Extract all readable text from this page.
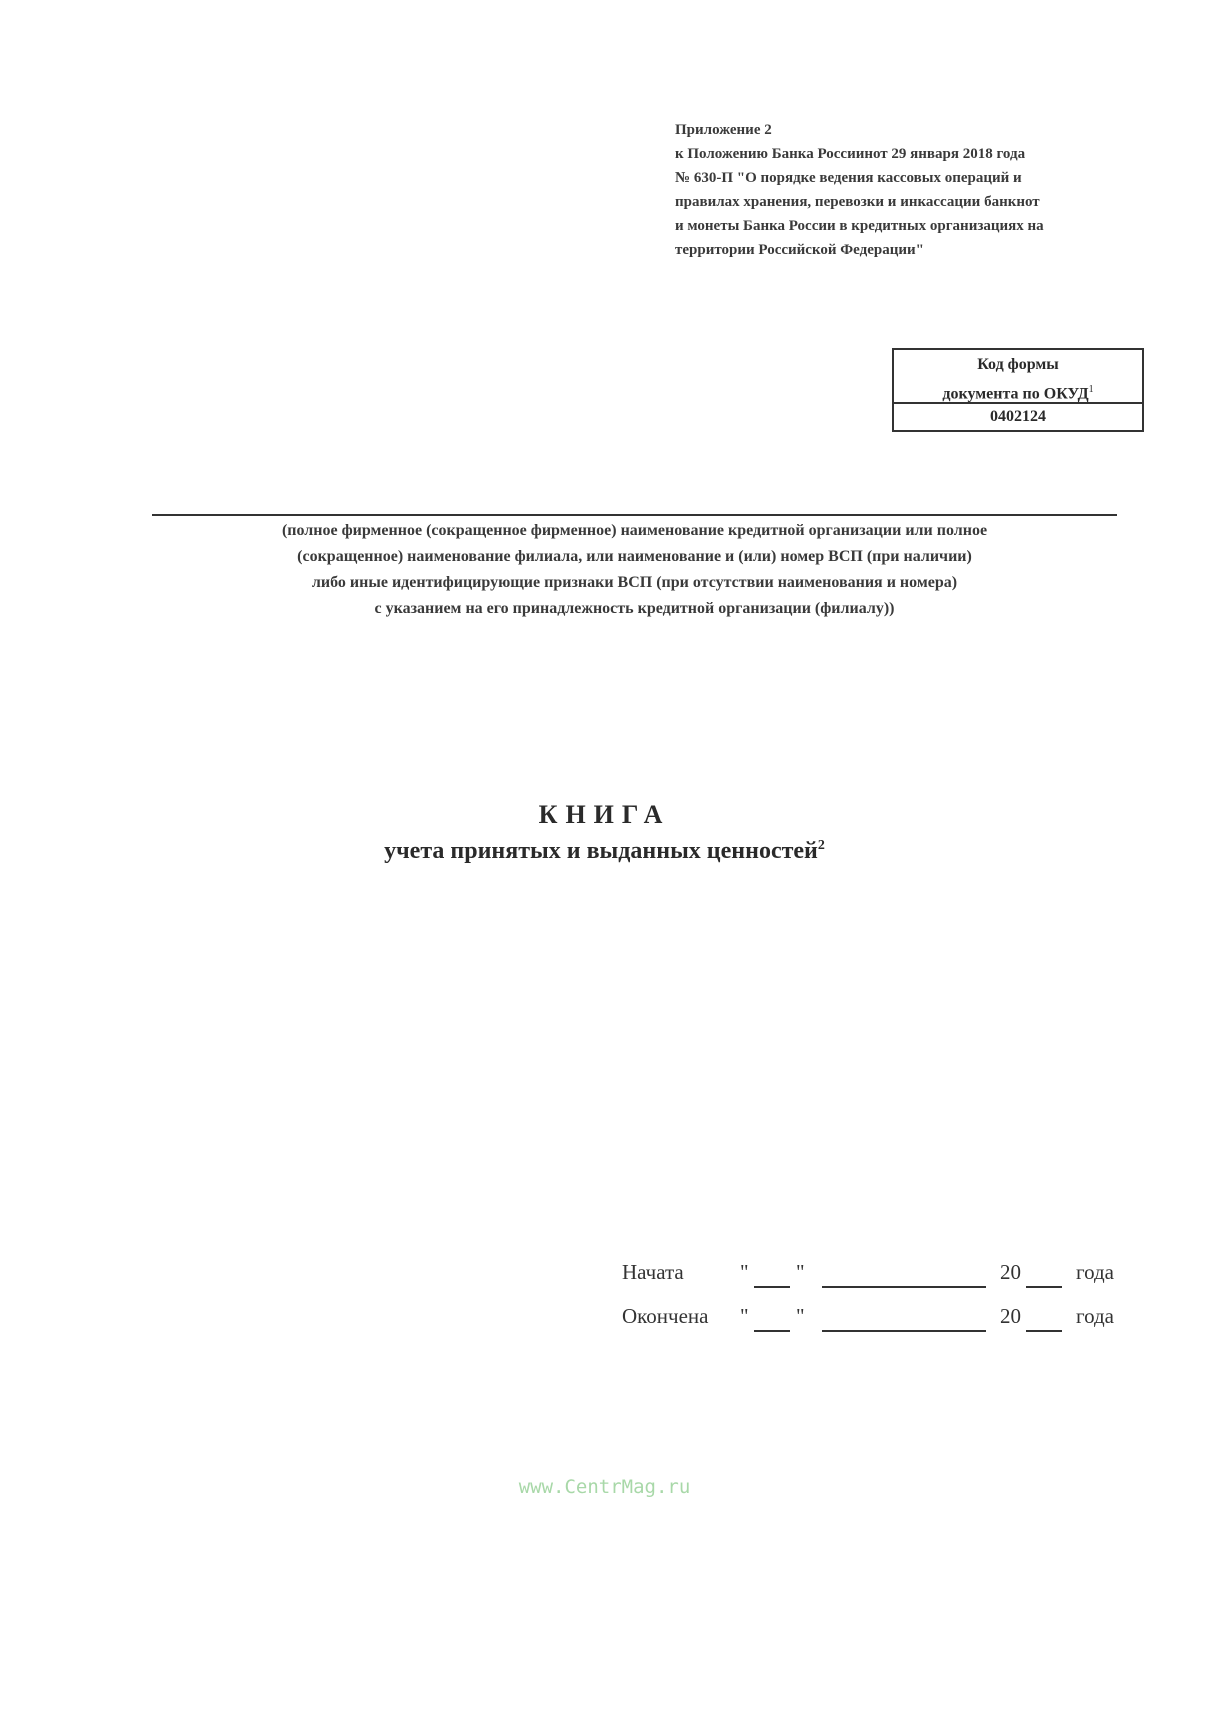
Приложение 2
к Положению Банка Россиинот 29 января 2018 года
№ 630-П "О порядке ведения кассовых операций и
правилах хранения, перевозки и инкассации банкнот
и монеты Банка России в кредитных организациях на
территории Российской Федерации"
Код формы
документа по ОКУД$^1$
0402124
(полное фирменное (сокращенное фирменное) наименование кредитной организации или полное
(сокращенное) наименование филиала, или наименование и (или) номер ВСП (при наличии)
либо иные идентифицирующие признаки ВСП (при отсутствии наименования и номера)
с указанием на его принадлежность кредитной организации (филиалу))
КНИГА
учета принятых и выданных ценностей$^2$
Начата	" "	20	года
Окончена " "	20	года
www.CentrMag.ru
